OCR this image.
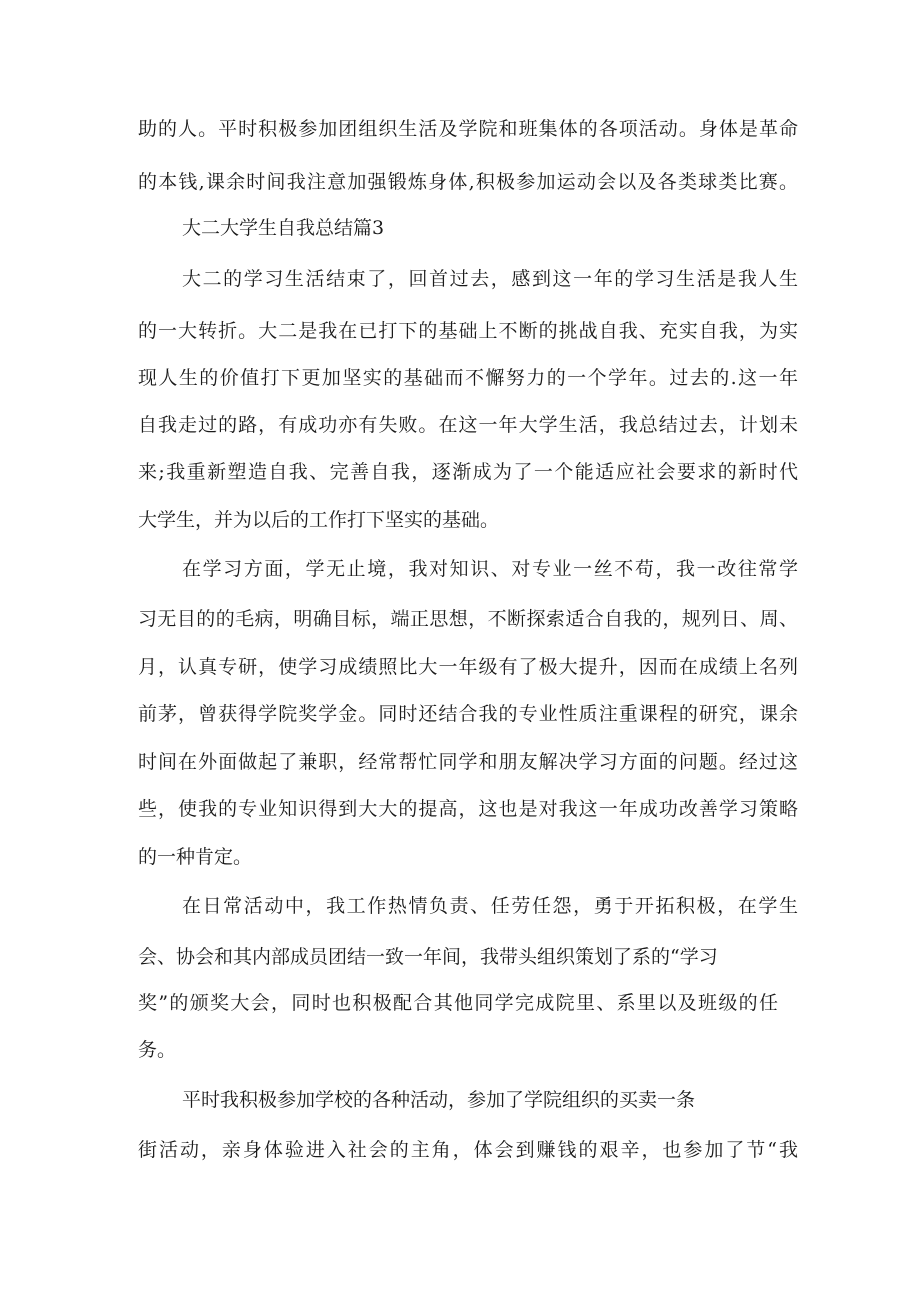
助的人。平时积极参加团组织生活及学院和班集体的各项活动。身体是革命
的本钱,课余时间我注意加强锻炼身体,积极参加运动会以及各类球类比赛。
大二大学生自我总结篇3
大二的学习生活结束了，回首过去，感到这一年的学习生活是我人生
的一大转折。大二是我在已打下的基础上不断的挑战自我、充实自我，为实
现人生的价值打下更加坚实的基础而不懈努力的一个学年。过去的.这一年
自我走过的路，有成功亦有失败。在这一年大学生活，我总结过去，计划未
来;我重新塑造自我、完善自我，逐渐成为了一个能适应社会要求的新时代
大学生，并为以后的工作打下坚实的基础。
在学习方面，学无止境，我对知识、对专业一丝不苟，我一改往常学
习无目的的毛病，明确目标，端正思想，不断探索适合自我的，规列日、周、
月，认真专研，使学习成绩照比大一年级有了极大提升，因而在成绩上名列
前茅，曾获得学院奖学金。同时还结合我的专业性质注重课程的研究，课余
时间在外面做起了兼职，经常帮忙同学和朋友解决学习方面的问题。经过这
些，使我的专业知识得到大大的提高，这也是对我这一年成功改善学习策略
的一种肯定。
在日常活动中，我工作热情负责、任劳任怨，勇于开拓积极，在学生
会、协会和其内部成员团结一致一年间，我带头组织策划了系的“学习
奖”的颁奖大会，同时也积极配合其他同学完成院里、系里以及班级的任
务。
平时我积极参加学校的各种活动，参加了学院组织的买卖一条
街活动，亲身体验进入社会的主角，体会到赚钱的艰辛，也参加了节“我
